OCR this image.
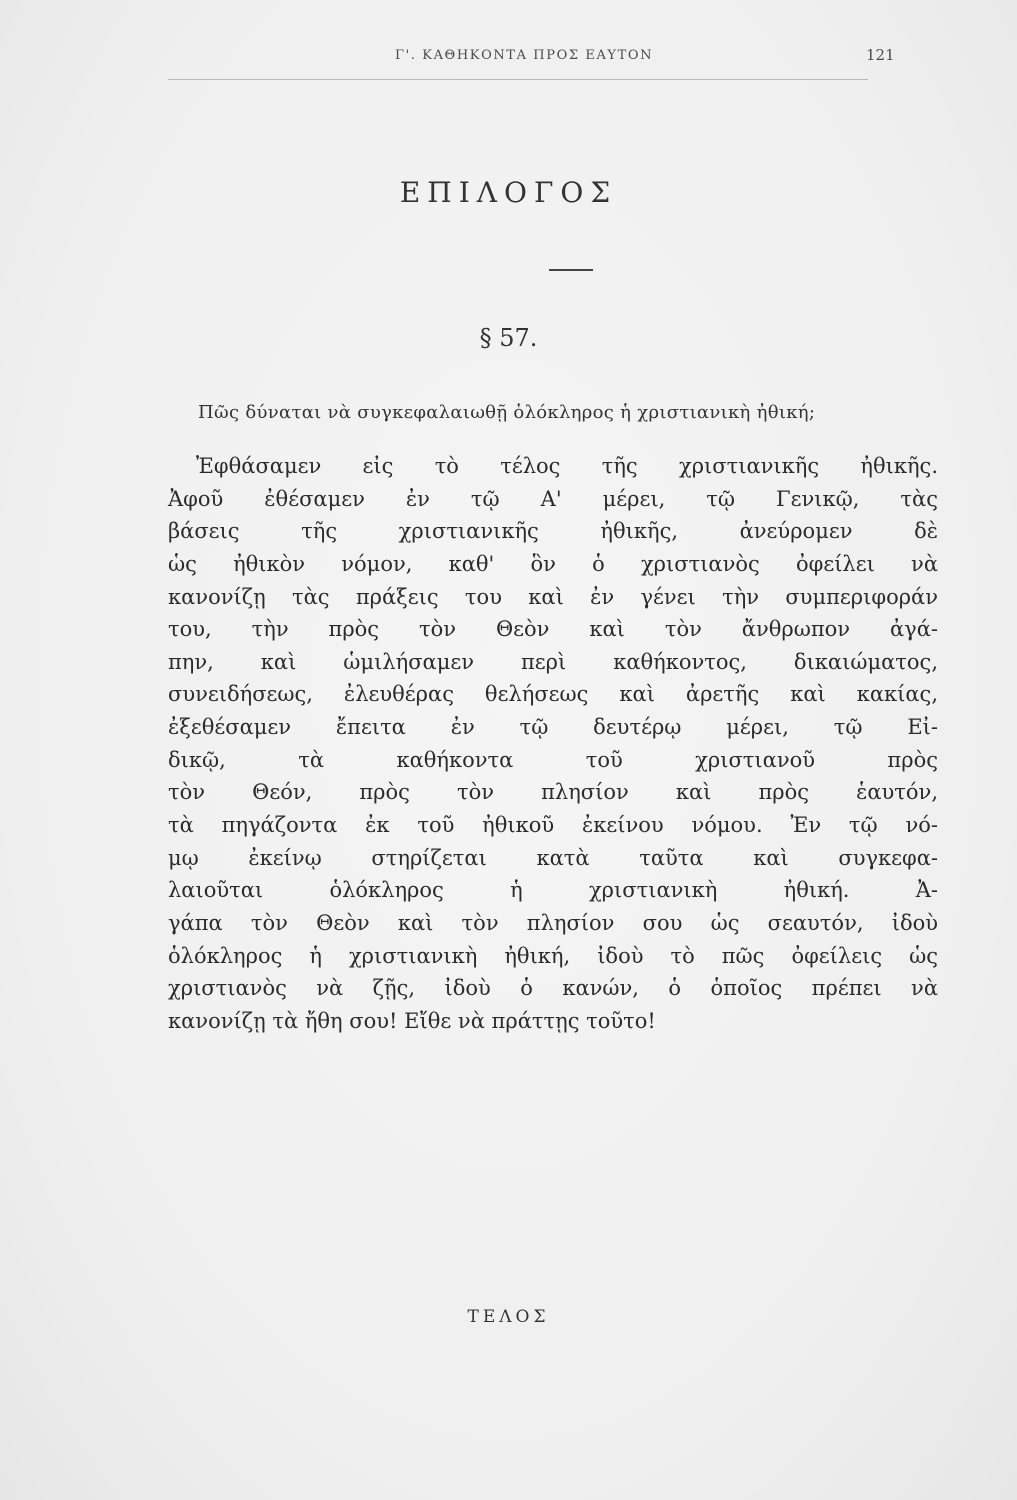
Γ'. ΚΑΘΗΚΟΝΤΑ ΠΡΟΣ ΕΑΥΤΟΝ	121
ΕΠΙΛΟΓΟΣ
§ 57.
Πῶς δύναται νὰ συγκεφαλαιωθῇ ὁλόκληρος ἡ χριστιανικὴ ἠθική;
Ἐφθάσαμεν εἰς τὸ τέλος τῆς χριστιανικῆς ἠθικῆς.
Ἀφοῦ ἐθέσαμεν ἐν τῷ Α' μέρει, τῷ Γενικῷ, τὰς
βάσεις τῆς χριστιανικῆς ἠθικῆς, ἀνεύρομεν δὲ
ὡς ἠθικὸν νόμον, καθ' ὃν ὁ χριστιανὸς ὀφείλει νὰ
κανονίζῃ τὰς πράξεις του καὶ ἐν γένει τὴν συμπεριφοράν
του, τὴν πρὸς τὸν Θεὸν καὶ τὸν ἄνθρωπον ἀγά-
πην, καὶ ὡμιλήσαμεν περὶ καθήκοντος, δικαιώματος,
συνειδήσεως, ἐλευθέρας θελήσεως καὶ ἀρετῆς καὶ κακίας,
ἐξεθέσαμεν ἔπειτα ἐν τῷ δευτέρῳ μέρει, τῷ Εἰ-
δικῷ, τὰ καθήκοντα τοῦ χριστιανοῦ πρὸς
τὸν Θεόν, πρὸς τὸν πλησίον καὶ πρὸς ἑαυτόν,
τὰ πηγάζοντα ἐκ τοῦ ἠθικοῦ ἐκείνου νόμου. Ἐν τῷ νό-
μῳ ἐκείνῳ στηρίζεται κατὰ ταῦτα καὶ συγκεφα-
λαιοῦται ὁλόκληρος ἡ χριστιανικὴ ἠθική. Ἀ-
γάπα τὸν Θεὸν καὶ τὸν πλησίον σου ὡς σεαυτόν, ἰδοὺ
ὁλόκληρος ἡ χριστιανικὴ ἠθική, ἰδοὺ τὸ πῶς ὀφείλεις ὡς
χριστιανὸς νὰ ζῇς, ἰδοὺ ὁ κανών, ὁ ὁποῖος πρέπει νὰ
κανονίζῃ τὰ ἤθη σου! Εἴθε νὰ πράττῃς τοῦτο!
ΤΕΛΟΣ
